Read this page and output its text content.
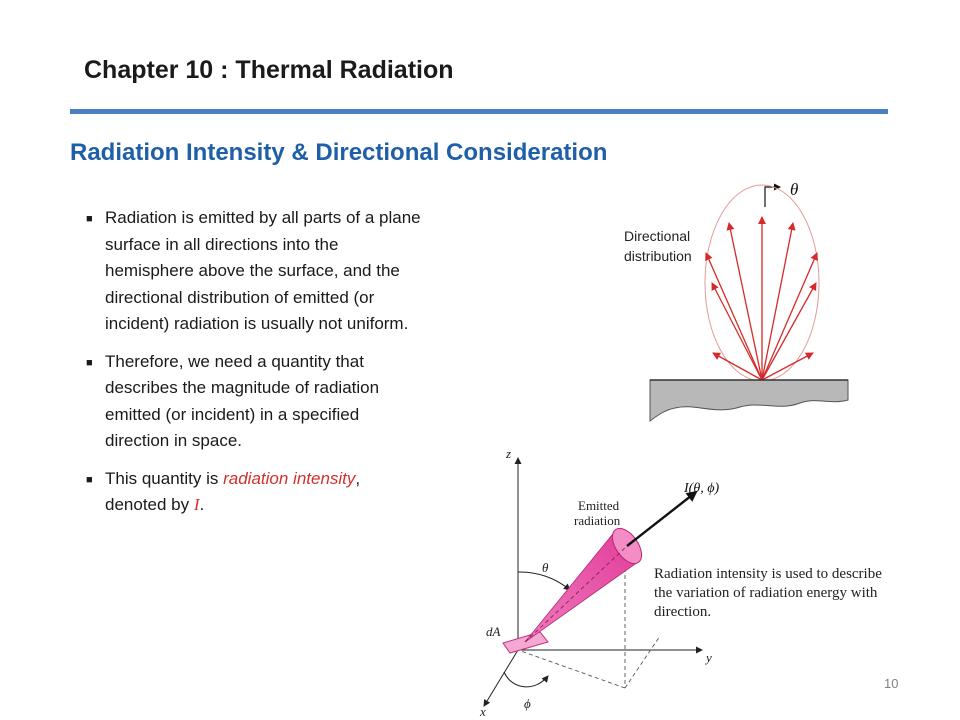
Chapter 10 : Thermal Radiation
Radiation Intensity & Directional Consideration
■ Radiation is emitted by all parts of a plane
surface in all directions into the
hemisphere above the surface, and the
directional distribution of emitted (or
incident) radiation is usually not uniform.
■ Therefore, we need a quantity that
describes the magnitude of radiation
emitted (or incident) in a specified
direction in space.
■ This quantity is radiation intensity,
denoted by I.
θ
Directional
distribution
z
y
x
θ
ϕ
dA
I(θ, ϕ)
Emitted
radiation
Radiation intensity is used to describe
the variation of radiation energy with
direction.
10
